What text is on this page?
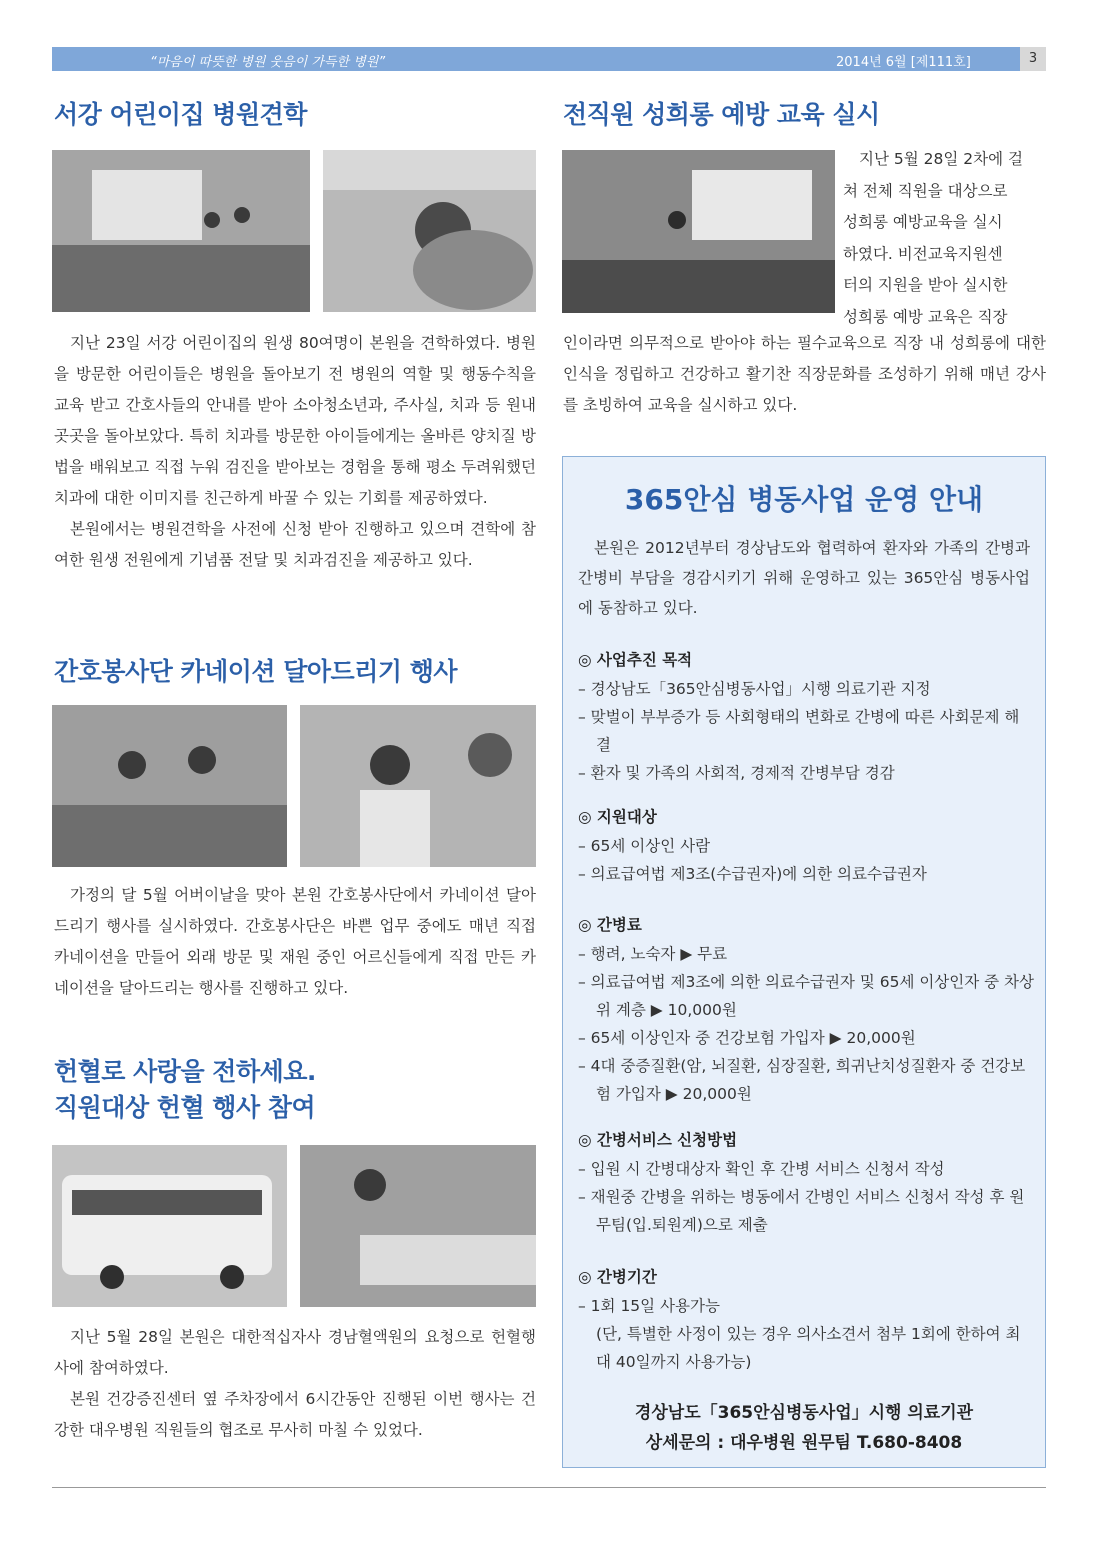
“마음이 따뜻한 병원 웃음이 가득한 병원”	2014년 6월 [제111호]	3
서강 어린이집 병원견학

지난 23일 서강 어린이집의 원생 80여명이 본원을 견학하였다. 병원을 방문한 어린이들은 병원을 돌아보기 전 병원의 역할 및 행동수칙을 교육 받고 간호사들의 안내를 받아 소아청소년과, 주사실, 치과 등 원내 곳곳을 돌아보았다. 특히 치과를 방문한 아이들에게는 올바른 양치질 방법을 배워보고 직접 누워 검진을 받아보는 경험을 통해 평소 두려워했던 치과에 대한 이미지를 친근하게 바꿀 수 있는 기회를 제공하였다.

본원에서는 병원견학을 사전에 신청 받아 진행하고 있으며 견학에 참여한 원생 전원에게 기념품 전달 및 치과검진을 제공하고 있다.

간호봉사단 카네이션 달아드리기 행사

가정의 달 5월 어버이날을 맞아 본원 간호봉사단에서 카네이션 달아드리기 행사를 실시하였다. 간호봉사단은 바쁜 업무 중에도 매년 직접 카네이션을 만들어 외래 방문 및 재원 중인 어르신들에게 직접 만든 카네이션을 달아드리는 행사를 진행하고 있다.

헌혈로 사랑을 전하세요.
직원대상 헌혈 행사 참여

지난 5월 28일 본원은 대한적십자사 경남혈액원의 요청으로 헌혈행사에 참여하였다.

본원 건강증진센터 옆 주차장에서 6시간동안 진행된 이번 행사는 건강한 대우병원 직원들의 협조로 무사히 마칠 수 있었다.

전직원 성희롱 예방 교육 실시
지난 5월 28일 2차에 걸
쳐 전체 직원을 대상으로
성희롱 예방교육을 실시
하였다. 비전교육지원센
터의 지원을 받아 실시한
성희롱 예방 교육은 직장
인이라면 의무적으로 받아야 하는 필수교육으로 직장 내 성희롱에 대한 인식을 정립하고 건강하고 활기찬 직장문화를 조성하기 위해 매년 강사를 초빙하여 교육을 실시하고 있다.
365안심 병동사업 운영 안내

본원은 2012년부터 경상남도와 협력하여 환자와 가족의 간병과 간병비 부담을 경감시키기 위해 운영하고 있는 365안심 병동사업에 동참하고 있다.

◎ 사업추진 목적
– 경상남도「365안심병동사업」시행 의료기관 지정
– 맞벌이 부부증가 등 사회형태의 변화로 간병에 따른 사회문제 해결
– 환자 및 가족의 사회적, 경제적 간병부담 경감
◎ 지원대상
– 65세 이상인 사람
– 의료급여법 제3조(수급권자)에 의한 의료수급권자
◎ 간병료
– 행려, 노숙자 ▶ 무료
– 의료급여법 제3조에 의한 의료수급권자 및 65세 이상인자 중 차상위 계층 ▶ 10,000원
– 65세 이상인자 중 건강보험 가입자 ▶ 20,000원
– 4대 중증질환(암, 뇌질환, 심장질환, 희귀난치성질환자 중 건강보험 가입자 ▶ 20,000원
◎ 간병서비스 신청방법
– 입원 시 간병대상자 확인 후 간병 서비스 신청서 작성
– 재원중 간병을 위하는 병동에서 간병인 서비스 신청서 작성 후 원무팀(입.퇴원계)으로 제출
◎ 간병기간
– 1회 15일 사용가능
(단, 특별한 사정이 있는 경우 의사소견서 첨부 1회에 한하여 최대 40일까지 사용가능)
경상남도「365안심병동사업」시행 의료기관
상세문의 : 대우병원 원무팀 T.680-8408
